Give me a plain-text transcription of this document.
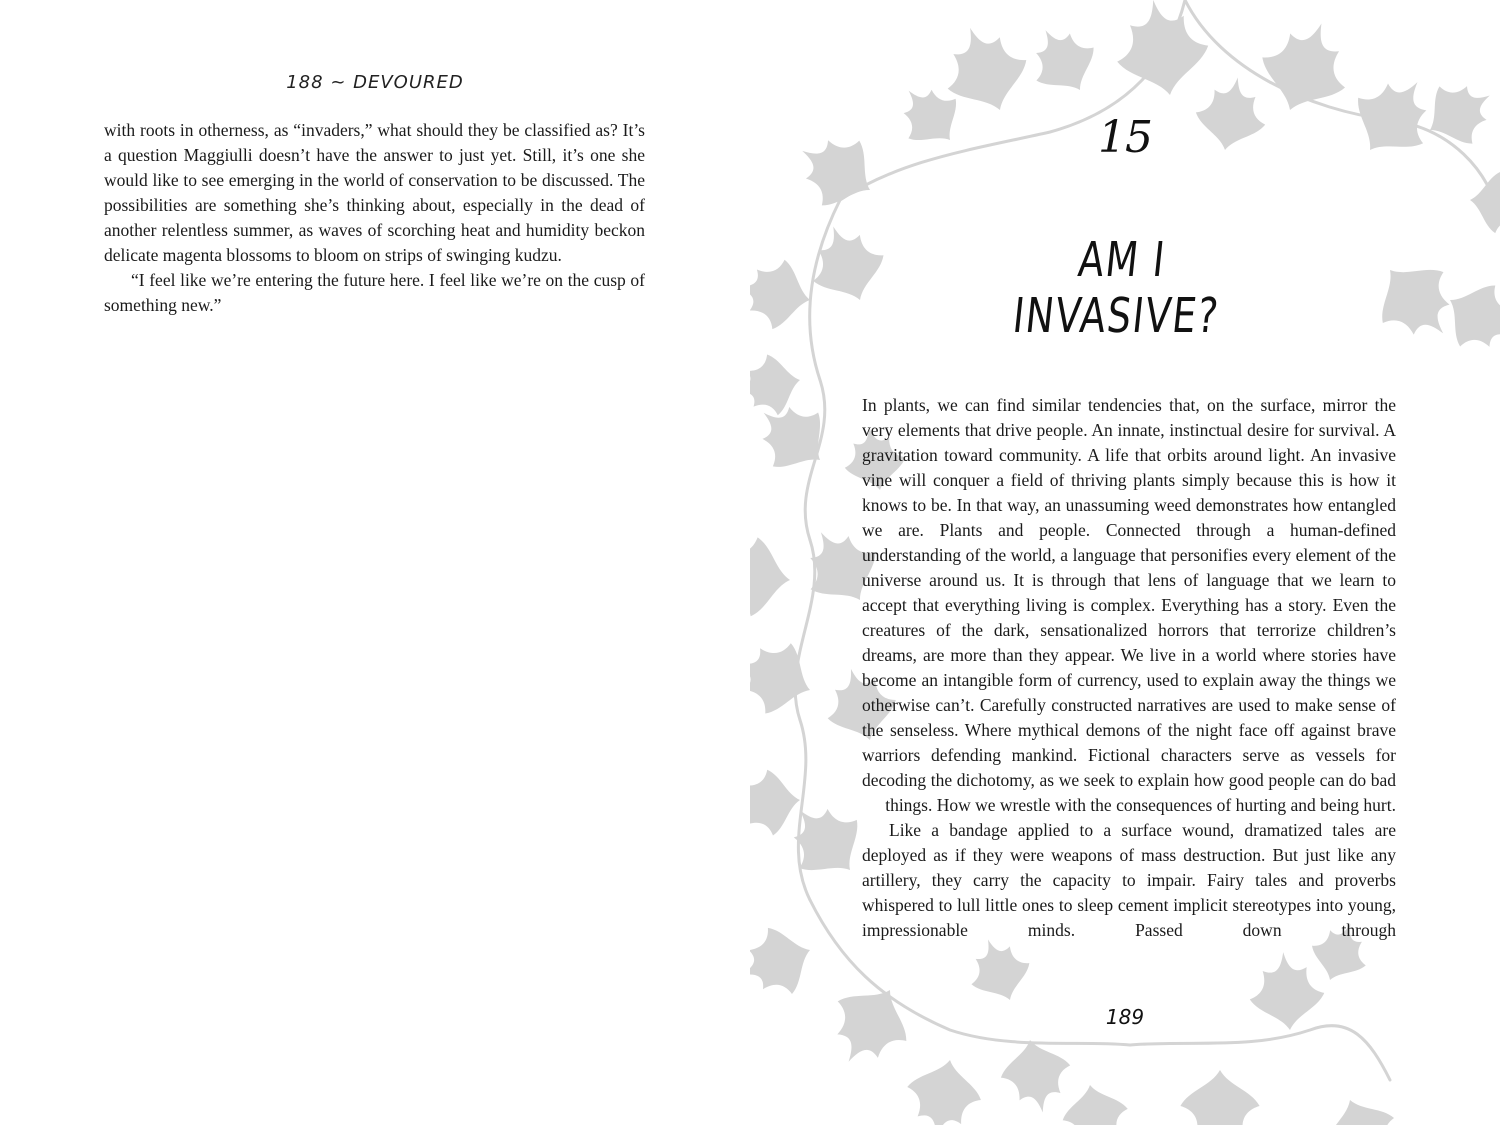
188 ~ DEVOURED

with roots in otherness, as “invaders,” what should they be classified as? It’s a question Maggiulli doesn’t have the answer to just yet. Still, it’s one she would like to see emerging in the world of conservation to be discussed. The possibilities are something she’s thinking about, especially in the dead of another relentless summer, as waves of scorching heat and humidity beckon delicate magenta blossoms to bloom on strips of swinging kudzu.

“I feel like we’re entering the future here. I feel like we’re on the cusp of something new.”

15
AM I
INVASIVE?

In plants, we can find similar tendencies that, on the surface, mirror the very elements that drive people. An innate, instinctual desire for survival. A gravitation toward community. A life that orbits around light. An invasive vine will conquer a field of thriving plants simply because this is how it knows to be. In that way, an unassuming weed demonstrates how entangled we are. Plants and people. Connected through a human-defined understanding of the world, a language that personifies every element of the universe around us. It is through that lens of language that we learn to accept that everything living is complex. Everything has a story. Even the creatures of the dark, sensationalized horrors that terrorize children’s dreams, are more than they appear. We live in a world where stories have become an intangible form of currency, used to explain away the things we otherwise can’t. Carefully constructed narratives are used to make sense of the senseless. Where mythical demons of the night face off against brave warriors defending mankind. Fictional characters serve as vessels for decoding the dichotomy, as we seek to explain how good people can do bad things. How we wrestle with the consequences of hurting and being hurt.

Like a bandage applied to a surface wound, dramatized tales are deployed as if they were weapons of mass destruction. But just like any artillery, they carry the capacity to impair. Fairy tales and proverbs whispered to lull little ones to sleep cement implicit stereotypes into young, impressionable minds. Passed down through

189
